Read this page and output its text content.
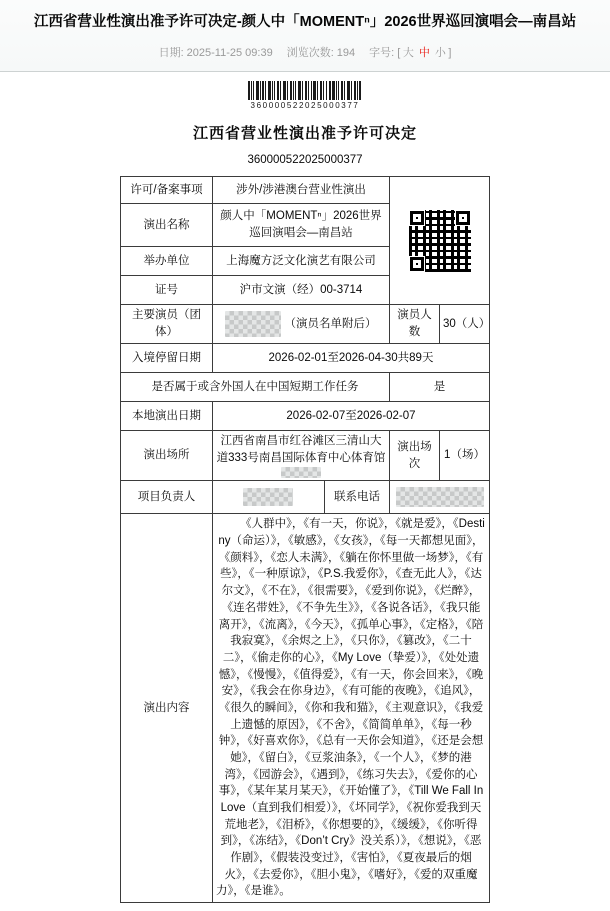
江西省营业性演出准予许可决定-颜人中「MOMENTⁿ」2026世界巡回演唱会—南昌站
日期: 2025-11-25 09:39 浏览次数: 194 字号: [ 大 中 小 ]
360000522025000377
江西省营业性演出准予许可决定
360000522025000377
许可/备案事项	涉外/涉港澳台营业性演出			

演出名称	颜人中「MOMENTⁿ」2026世界巡回演唱会—南昌站			
举办单位	上海魔方泛文化演艺有限公司			
证号	沪市文演（经）00-3714			
主要演员（团体）	（演员名单附后）		演员人数	30（人）
入境停留日期	2026-02-01至2026-04-30共89天			
是否属于或含外国人在中国短期工作任务			是	
本地演出日期	2026-02-07至2026-02-07			
演出场所	江西省南昌市红谷滩区三清山大道333号南昌国际体育中心体育馆		演出场次	1（场）
项目负责人		联系电话		
演出内容	《人群中》，《有一天，你说》，《就是爱》，《Destiny（命运）》，《敏感》，《女孩》，《每一天都想见面》，《颜料》，《恋人未满》，《躺在你怀里做一场梦》，《有些》，《一种原谅》，《P.S.我爱你》，《查无此人》，《达尔文》，《不在》，《很需要》，《爱到你说》，《烂醉》，《连名带姓》，《不争先生》》，《各说各话》，《我只能离开》，《流离》，《今天》，《孤单心事》，《定格》，《陪我寂寞》，《余烬之上》，《只你》，《篡改》，《二十二》，《偷走你的心》，《My Love（挚爱）》，《处处遗憾》，《慢慢》，《值得爱》，《有一天，你会回来》，《晚安》，《我会在你身边》，《有可能的夜晚》，《追风》，《很久的瞬间》，《你和我和猫》，《主观意识》，《我爱上遗憾的原因》，《不舍》，《简简单单》，《每一秒钟》，《好喜欢你》，《总有一天你会知道》，《还是会想她》，《留白》，《豆浆油条》，《一个人》，《梦的港湾》，《园游会》，《遇到》，《练习失去》，《爱你的心事》，《某年某月某天》，《开始懂了》，《Till We Fall In Love（直到我们相爱）》，《坏同学》，《祝你爱我到天荒地老》，《泪桥》，《你想要的》，《缓缓》，《你听得到》，《冻结》，《Don’t Cry》没关系）》，《想说》，《恶作剧》，《假装没变过》，《害怕》，《夏夜最后的烟火》，《去爱你》，《胆小鬼》，《嗜好》，《爱的双重魔力》，《是谁》。			
